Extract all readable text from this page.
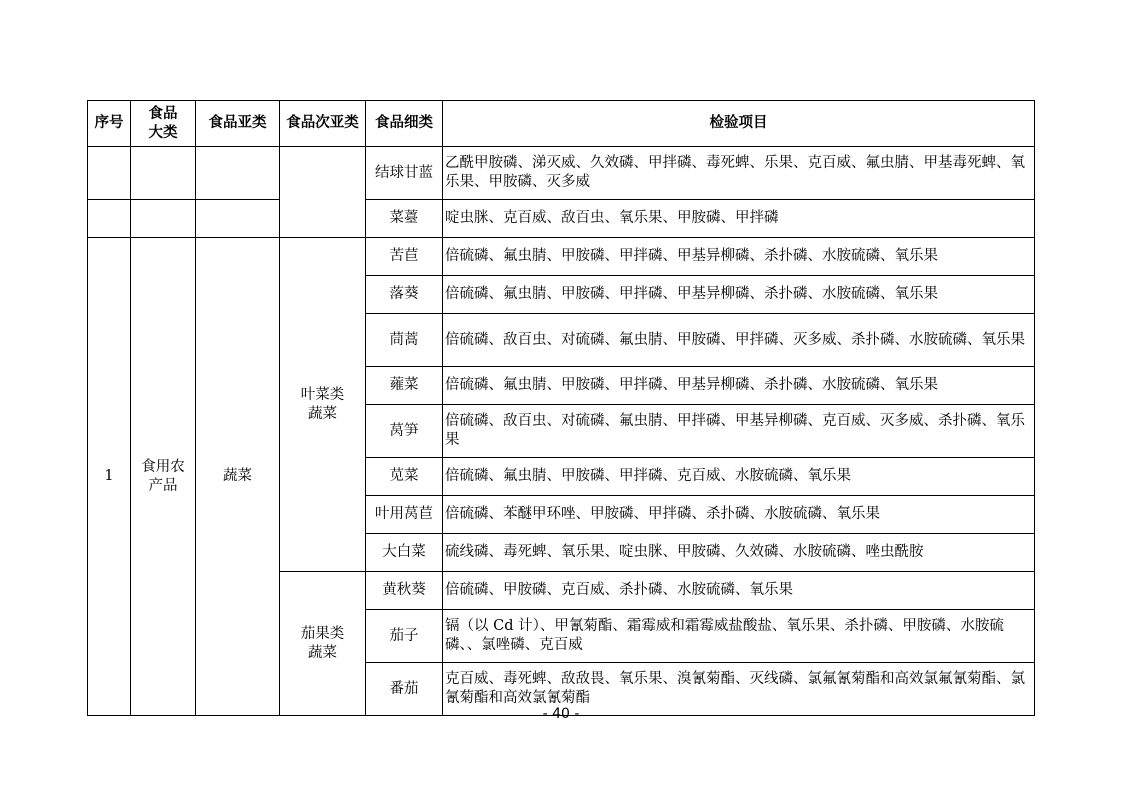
序号	食品大类	食品亚类	食品次亚类	食品细类	检验项目
				结球甘蓝	乙酰甲胺磷、涕灭威、久效磷、甲拌磷、毒死蜱、乐果、克百威、氟虫腈、甲基毒死蜱、氧乐果、甲胺磷、灭多威
				菜薹	啶虫脒、克百威、敌百虫、氧乐果、甲胺磷、甲拌磷
1	食用农产品	蔬菜	叶菜类蔬菜	苦苣	倍硫磷、氟虫腈、甲胺磷、甲拌磷、甲基异柳磷、杀扑磷、水胺硫磷、氧乐果
				落葵	倍硫磷、氟虫腈、甲胺磷、甲拌磷、甲基异柳磷、杀扑磷、水胺硫磷、氧乐果
				茼蒿	倍硫磷、敌百虫、对硫磷、氟虫腈、甲胺磷、甲拌磷、灭多威、杀扑磷、水胺硫磷、氧乐果
				蕹菜	倍硫磷、氟虫腈、甲胺磷、甲拌磷、甲基异柳磷、杀扑磷、水胺硫磷、氧乐果
				莴笋	倍硫磷、敌百虫、对硫磷、氟虫腈、甲拌磷、甲基异柳磷、克百威、灭多威、杀扑磷、氧乐果
				苋菜	倍硫磷、氟虫腈、甲胺磷、甲拌磷、克百威、水胺硫磷、氧乐果
				叶用莴苣	倍硫磷、苯醚甲环唑、甲胺磷、甲拌磷、杀扑磷、水胺硫磷、氧乐果
				大白菜	硫线磷、毒死蜱、氧乐果、啶虫脒、甲胺磷、久效磷、水胺硫磷、唑虫酰胺
			茄果类蔬菜	黄秋葵	倍硫磷、甲胺磷、克百威、杀扑磷、水胺硫磷、氧乐果
				茄子	镉（以 Cd 计）、甲氰菊酯、霜霉威和霜霉威盐酸盐、氧乐果、杀扑磷、甲胺磷、水胺硫磷、、氯唑磷、克百威
				番茄	克百威、毒死蜱、敌敌畏、氧乐果、溴氰菊酯、灭线磷、氯氟氰菊酯和高效氯氟氰菊酯、氯氰菊酯和高效氯氰菊酯
- 40 -
